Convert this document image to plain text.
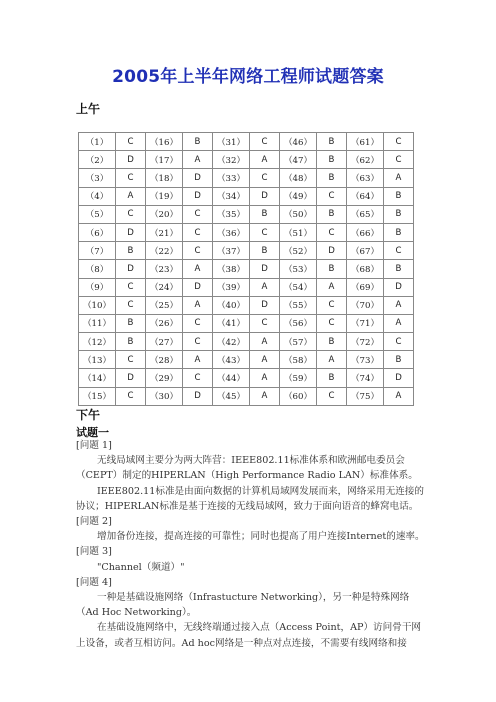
2005年上半年网络工程师试题答案
上午
（1）	C	（16）	B	（31）	C	（46）	B	（61）	C
（2）	D	（17）	A	（32）	A	（47）	B	（62）	C
（3）	C	（18）	D	（33）	C	（48）	B	（63）	A
（4）	A	（19）	D	（34）	D	（49）	C	（64）	B
（5）	C	（20）	C	（35）	B	（50）	B	（65）	B
（6）	D	（21）	C	（36）	C	（51）	C	（66）	B
（7）	B	（22）	C	（37）	B	（52）	D	（67）	C
（8）	D	（23）	A	（38）	D	（53）	B	（68）	B
（9）	C	（24）	D	（39）	A	（54）	A	（69）	D
（10）	C	（25）	A	（40）	D	（55）	C	（70）	A
（11）	B	（26）	C	（41）	C	（56）	C	（71）	A
（12）	B	（27）	C	（42）	A	（57）	B	（72）	C
（13）	C	（28）	A	（43）	A	（58）	A	（73）	B
（14）	D	（29）	C	（44）	A	（59）	B	（74）	D
（15）	C	（30）	D	（45）	A	（60）	C	（75）	A
下午
试题一

[问题 1]

无线局域网主要分为两大阵营：IEEE802.11标准体系和欧洲邮电委员会（CEPT）制定的HIPERLAN（High Performance Radio LAN）标准体系。

IEEE802.11标准是由面向数据的计算机局域网发展而来，网络采用无连接的协议；HIPERLAN标准是基于连接的无线局域网，致力于面向语音的蜂窝电话。

[问题 2]

增加备份连接，提高连接的可靠性；同时也提高了用户连接Internet的速率。

[问题 3]

"Channel（频道）"

[问题 4]

一种是基础设施网络（Infrastucture Networking），另一种是特殊网络（Ad Hoc Networking）。

在基础设施网络中，无线终端通过接入点（Access Point，AP）访问骨干网上设备，或者互相访问。Ad hoc网络是一种点对点连接，不需要有线网络和接
